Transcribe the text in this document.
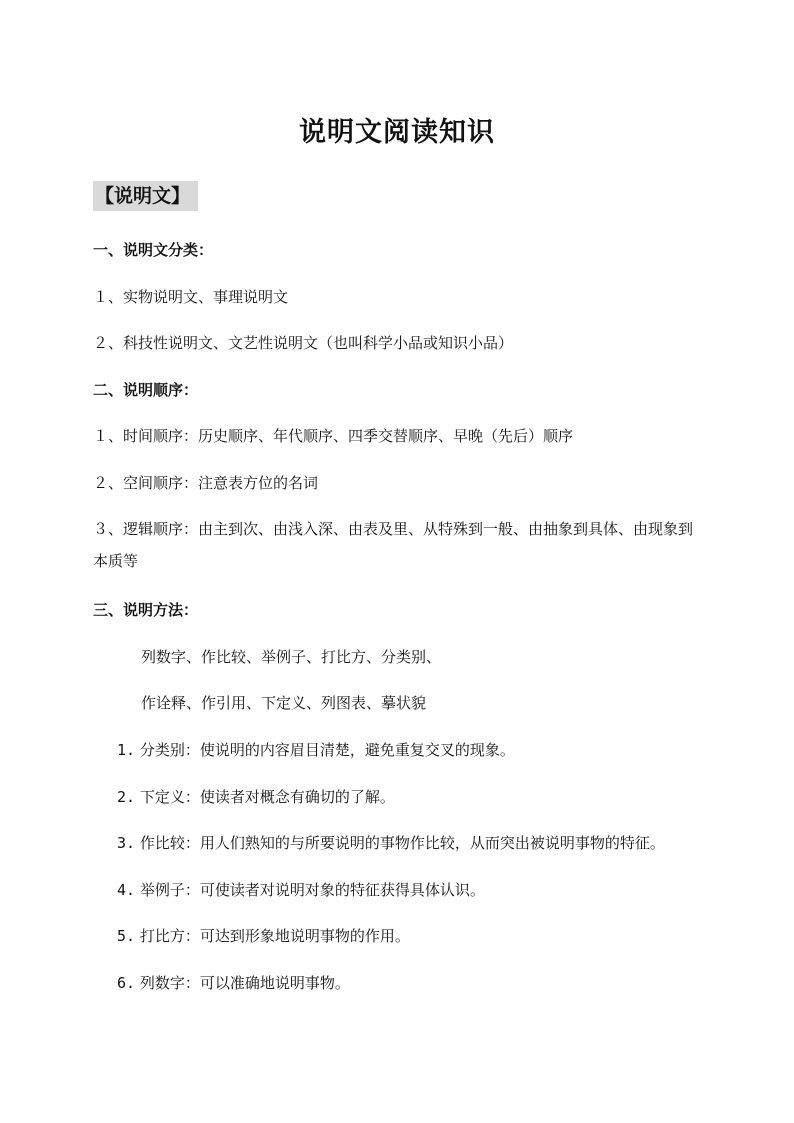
说明文阅读知识
【说明文】
一、说明文分类：
１、实物说明文、事理说明文
２、科技性说明文、文艺性说明文（也叫科学小品或知识小品）
二、说明顺序：
１、时间顺序：历史顺序、年代顺序、四季交替顺序、早晚（先后）顺序
２、空间顺序：注意表方位的名词
３、逻辑顺序：由主到次、由浅入深、由表及里、从特殊到一般、由抽象到具体、由现象到本质等
三、说明方法：
列数字、作比较、举例子、打比方、分类别、
作诠释、作引用、下定义、列图表、摹状貌
1. 分类别：使说明的内容眉目清楚，避免重复交叉的现象。
2. 下定义：使读者对概念有确切的了解。
3. 作比较：用人们熟知的与所要说明的事物作比较，从而突出被说明事物的特征。
4. 举例子：可使读者对说明对象的特征获得具体认识。
5. 打比方：可达到形象地说明事物的作用。
6. 列数字：可以准确地说明事物。
